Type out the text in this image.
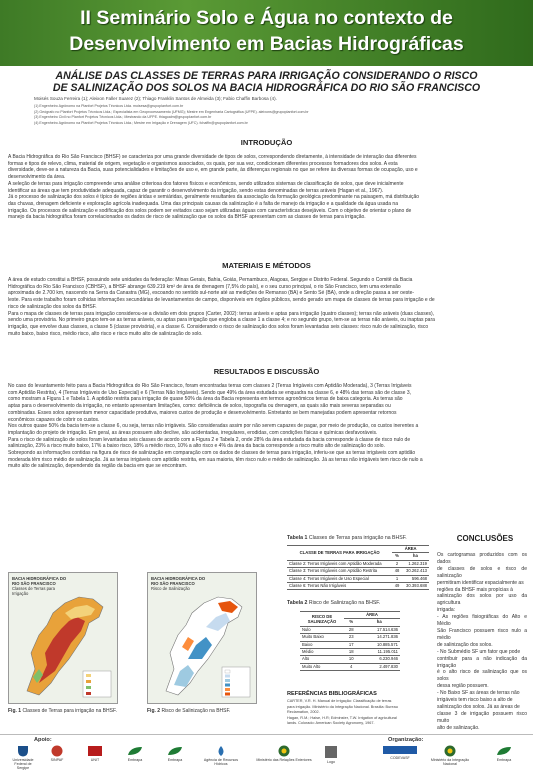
II Seminário Solo e Água no contexto de
Desenvolvimento em Bacias Hidrográficas
ANÁLISE DAS CLASSES DE TERRAS PARA IRRIGAÇÃO CONSIDERANDO O RISCO
DE SALINIZAÇÃO DOS SOLOS NA BACIA HIDROGRÁFICA DO RIO SÃO FRANCISCO
Moisés Souza Ferreira (1); Aleixon Faller Suarez (2); Thiago Franklin Santos de Almeida (3); Fabio Chaffin Barbosa (4).
(1) Engenheiro Agrônomo na Planfort Projetos Técnicos Ltda. moisesa@grupoplanfort.com.br
(2) Geógrafo no Planfort Projetos Técnicos Ltda.; Especialista em Geoprocessamento (UFMG); Mestre em Engenharia Cartográfica (UFPE). aleixons@grupoplanfort.com.br
(3) Engenheiro Civil no Planfort Projetos Técnicos Ltda.; Mestrando da UFPE. thiagoalm@grupoplanfort.com.br
(4) Engenheiro Agrônomo na Planfort Projetos Técnicos Ltda.; Mestre em Irrigação e Drenagem (UFC). fchaffin@grupoplanfort.com.br
INTRODUÇÃO
A Bacia Hidrográfica do Rio São Francisco (BHSF) se caracteriza por uma grande diversidade de tipos de solos, correspondendo diretamente, à intensidade de interação das diferentes
formas e tipos de relevo, clima, material de origem, vegetação e organismos associados, os quais, por sua vez, condicionam diferentes processos formadores dos solos. A esta
diversidade, deve-se a natureza da Bacia, suas potencialidades e limitações de uso e, em grande parte, às diferenças regionais no que se refere às diversas formas de ocupação, uso e
desenvolvimento da área.
A seleção de terras para irrigação compreende uma análise criteriosa dos fatores físicos e econômicos, sendo utilizados sistemas de classificação de solos, que deve inicialmente
identificar as áreas que tem produtividade adequada, capaz de garantir o desenvolvimento da irrigação, sendo estas denominadas de terras aráveis (Hagan et al., 1967).
Já o processo de salinização dos solos é típico de regiões áridas e semiáridas, geralmente resultantes da associação da formação geológica predominante na paisagem, má distribuição
das chuvas, drenagem deficiente e exploração agrícola inadequada. Uma das principais causas da salinização é a falta de manejo da irrigação e a qualidade da água usada na
irrigação. Os processos de salinização e sodificação dos solos podem ser evitados caso sejam utilizadas águas com características desejáveis. Com o objetivo de orientar o plano de
manejo da bacia hidrográfica foram correlacionados os dados de risco de salinização que os solos da BHSF apresentam com as classes de terras para irrigação.
MATERIAIS E MÉTODOS
A área de estudo constitui a BHSF, possuindo sete unidades da federação: Minas Gerais, Bahia, Goiás, Pernambuco, Alagoas, Sergipe e Distrito Federal. Segundo o Comitê da Bacia
Hidrográfica do Rio São Francisco (CBHSF), a BHSF abrange 639.219 km² de área de drenagem (7,5% do país), e o seu curso principal, o rio São Francisco, tem uma extensão
aproximada de 2.700 km, nascendo na Serra da Canastra (MG), escoando no sentido sul-norte até as medições de Remanso (BA) e Sento Sé (BA), onde a direção passa a ser oeste-
leste. Para este trabalho foram colhidas informações secundárias de levantamentos de campo, disponíveis em órgãos públicos, sendo gerado um mapa de classes de terras para irrigação e de
risco de salinização dos solos da BHSF.
Para o mapa de classes de terras para irrigação considerou-se a divisão em dois grupos (Carter, 2002): terras aráveis e aptas para irrigação (quatro classes); terras não aráveis (duas classes),
sendo uma provisória. No primeiro grupo tem-se as terras aráveis, ou aptas para irrigação que engloba a classe 1 a classe 4; e no segundo grupo, tem-se as terras não aráveis, ou inaptas para
irrigação, que envolve duas classes, a classe 5 (classe provisória), e a classe 6. Considerando o risco de salinização dos solos foram levantadas seis classes: risco nulo de salinização, risco
muito baixo, baixo risco, médio risco, alto risco e risco muito alto de salinização do solo.
RESULTADOS E DISCUSSÃO
No caso do levantamento feito para a Bacia Hidrográfica do Rio São Francisco, foram encontradas terras com classes 2 (Terras Irrigáveis com Aptidão Moderada), 3 (Terras Irrigáveis
com Aptidão Restrita), 4 (Terras Irrigáveis de Uso Especial) e 6 (Terras Não Irrigáveis). Sendo que 49% da área estudada se enquadra na classe 6, e 48% das terras são de classe 3,
como mostram a Figura 1 e Tabela 1. A aptidão restrita para irrigação de quase 50% da área da Bacia representa em termos agronômicos terras de baixa categoria. As terras são
aptas para o desenvolvimento da irrigação, no entanto apresentam limitações, como: deficiência de solos, topografia ou drenagem, as quais são mais severas separadas ou
combinadas. Esses solos apresentam menor capacidade produtiva, maiores custos de produção e desenvolvimento. Entretanto se bem manejadas podem apresentar retornos
econômicos capazes de cobrir os custos.
Nos outros quase 50% da bacia tem-se a classe 6, ou seja, terras não irrigáveis. São consideradas assim por não serem capazes de pagar, por meio de produção, os custos inerentes a
implantação do projeto de irrigação. Em geral, as áreas possuem alto declive, são acidentadas, irregulares, erodidas, com condições físicas e químicas desfavoráveis.
Para o risco de salinização de solos foram levantadas seis classes de acordo com a Figura 2 e Tabela 2, onde 28% da área estudada da bacia corresponde à classe de risco nulo de
salinização, 23% a risco muito baixo, 17% a baixo risco, 18% a médio risco, 10% a alto risco e 4% da área da bacia corresponde a risco muito alto de salinização do solo.
Sobrepondo as informações contidas na figura de risco de salinização em comparação com os dados de classes de terras para irrigação, inferiu-se que as terras irrigáveis com aptidão
moderada têm risco médio de salinização. Já as terras irrigáveis com aptidão restrita, em sua maioria, têm risco nulo e médio de salinização. Já as terras não irrigáveis tem risco de nulo a
muito alto de salinização, dependendo da região da bacia em que se encontram.
BACIA HIDROGRÁFICA DO RIO SÃO FRANCISCO
Classes de Terras para Irrigação
BACIA HIDROGRÁFICA DO RIO SÃO FRANCISCO
Risco de Salinização
Fig. 1 Classes de Terras para irrigação na BHSF.	Fig. 2 Risco de Salinização na BHSF.
Tabela 1 Classes de Terras para irrigação na BHSF.
CLASSE DE TERRAS PARA IRRIGAÇÃO	ÁREA	
	%	ha
Classe 2: Terras Irrigáveis com Aptidão Moderada	2	1.262.319
Classe 3: Terras Irrigáveis com Aptidão Restrita	48	30.262.413
Classe 4: Terras Irrigáveis de Uso Especial	1	596.468
Classe 6: Terras Não Irrigáveis	49	30.393.688
Tabela 2 Risco de Salinização na BHSF.
RISCO DE SALINIZAÇÃO	ÁREA	
	%	ha
Nulo	28	17.514.636
Muito Baixo	23	14.271.836
Baixo	17	10.885.571
Médio	18	11.195.011
Alto	10	6.230.946
Muito Alto	4	2.497.830
REFERÊNCIAS BIBLIOGRÁFICAS
CARTER, V.R. H. Manual de irrigação: Classificação de terras
para irrigação. Ministério da Integração Nacional. Brasília: Bureau
Reclamation, 2002.
Hagan, R.M.; Haise, H.R; Edminster, T.W. Irrigation of agricultural
lands. Colorado: American Society Agronomy, 1967.
CONCLUSÕES
Os cartogramas produzidos com os dados
de classes de solos e risco de salinização
permitiram identificar espacialmente as
regiões da BHSF mais propícias à
salinização dos solos por uso da agricultura
irrigada:
- As regiões fisiográficas do Alto e Médio
São Francisco possuem risco nulo a médio
de salinização dos solos.
- No Submédio SF um fator que pode
contribuir para a não indicação da irrigação
é o alto risco de salinização que os solos
dessa região possuem.
- No Baixo SF as áreas de terras não
irrigáveis tem risco baixo a alto de
salinização dos solos. Já as áreas de
classe 3 de irrigação possuem risco muito
alto de salinização.
Apoio:	Organização:
Universidade Federal de Sergipe
SINPAF	UNIT	Embrapa	Embrapa	Agência de Recursos Hídricos
Ministério das Relações Exteriores	Logo
CODEVASF	Ministério da Integração Nacional
Embrapa
